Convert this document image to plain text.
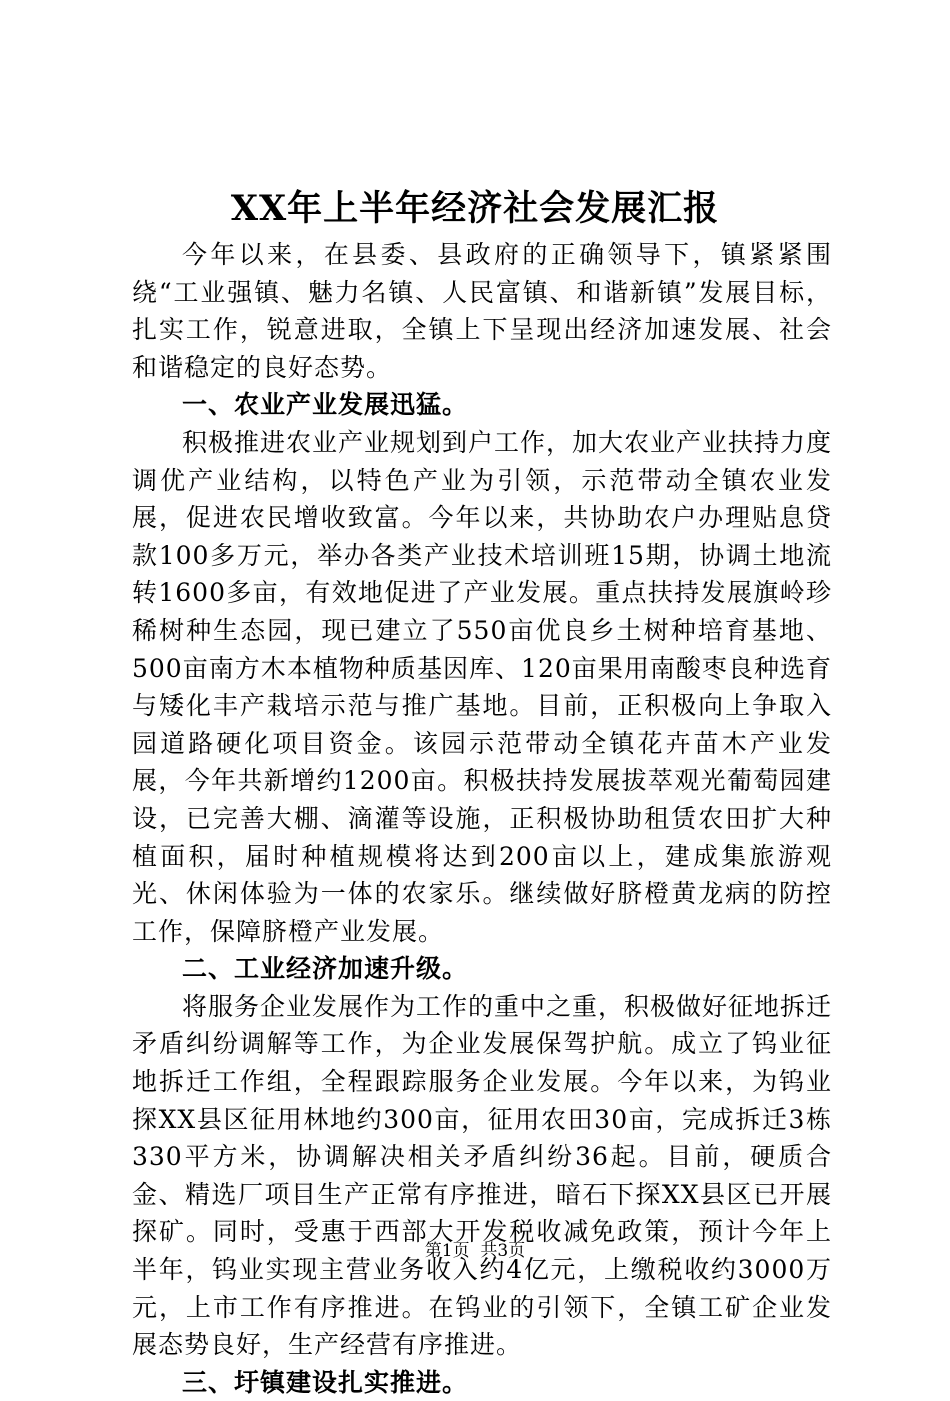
XX年上半年经济社会发展汇报

今年以来，在县委、县政府的正确领导下，镇紧紧围绕“工业强镇、魅力名镇、人民富镇、和谐新镇”发展目标，扎实工作，锐意进取，全镇上下呈现出经济加速发展、社会和谐稳定的良好态势。

一、农业产业发展迅猛。

积极推进农业产业规划到户工作，加大农业产业扶持力度调优产业结构，以特色产业为引领，示范带动全镇农业发展，促进农民增收致富。今年以来，共协助农户办理贴息贷款100多万元，举办各类产业技术培训班15期，协调土地流转1600多亩，有效地促进了产业发展。重点扶持发展旗岭珍稀树种生态园，现已建立了550亩优良乡土树种培育基地、500亩南方木本植物种质基因库、120亩果用南酸枣良种选育与矮化丰产栽培示范与推广基地。目前，正积极向上争取入园道路硬化项目资金。该园示范带动全镇花卉苗木产业发展，今年共新增约1200亩。积极扶持发展拔萃观光葡萄园建设，已完善大棚、滴灌等设施，正积极协助租赁农田扩大种植面积，届时种植规模将达到200亩以上，建成集旅游观光、休闲体验为一体的农家乐。继续做好脐橙黄龙病的防控工作，保障脐橙产业发展。

二、工业经济加速升级。

将服务企业发展作为工作的重中之重，积极做好征地拆迁矛盾纠纷调解等工作，为企业发展保驾护航。成立了钨业征地拆迁工作组，全程跟踪服务企业发展。今年以来，为钨业探XX县区征用林地约300亩，征用农田30亩，完成拆迁3栋330平方米，协调解决相关矛盾纠纷36起。目前，硬质合金、精选厂项目生产正常有序推进，暗石下探XX县区已开展探矿。同时，受惠于西部大开发税收减免政策，预计今年上半年，钨业实现主营业务收入约4亿元，上缴税收约3000万元，上市工作有序推进。在钨业的引领下，全镇工矿企业发展态势良好，生产经营有序推进。

三、圩镇建设扎实推进。

第1页  共3页
